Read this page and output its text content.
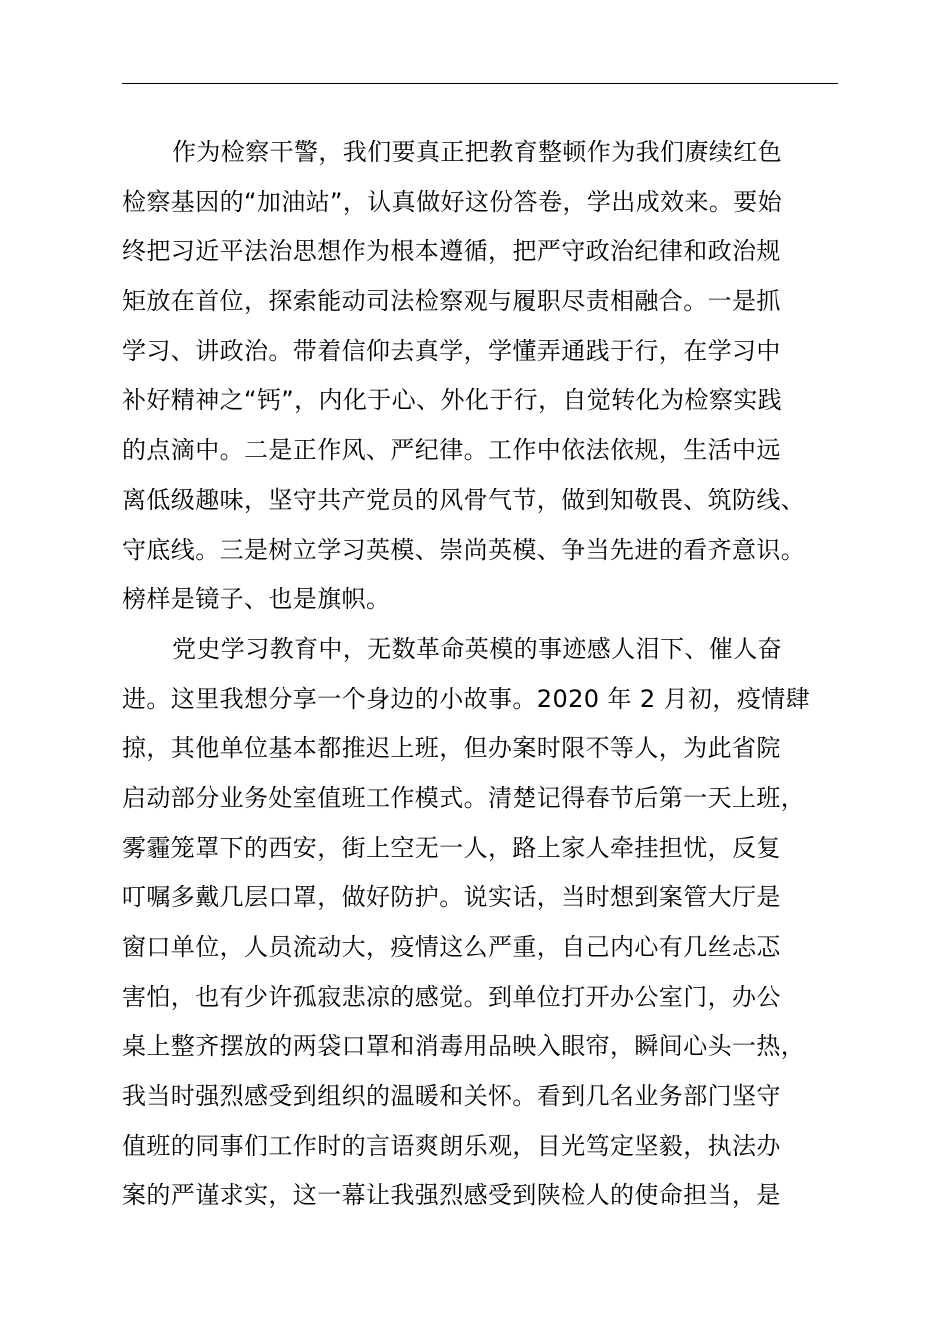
作为检察干警，我们要真正把教育整顿作为我们赓续红色
检察基因的“加油站”，认真做好这份答卷，学出成效来。要始
终把习近平法治思想作为根本遵循，把严守政治纪律和政治规
矩放在首位，探索能动司法检察观与履职尽责相融合。一是抓
学习、讲政治。带着信仰去真学，学懂弄通践于行，在学习中
补好精神之“钙”，内化于心、外化于行，自觉转化为检察实践
的点滴中。二是正作风、严纪律。工作中依法依规，生活中远
离低级趣味，坚守共产党员的风骨气节，做到知敬畏、筑防线、
守底线。三是树立学习英模、崇尚英模、争当先进的看齐意识。
榜样是镜子、也是旗帜。
党史学习教育中，无数革命英模的事迹感人泪下、催人奋
进。这里我想分享一个身边的小故事。2020 年 2 月初，疫情肆
掠，其他单位基本都推迟上班，但办案时限不等人，为此省院
启动部分业务处室值班工作模式。清楚记得春节后第一天上班，
雾霾笼罩下的西安，街上空无一人，路上家人牵挂担忧，反复
叮嘱多戴几层口罩，做好防护。说实话，当时想到案管大厅是
窗口单位，人员流动大，疫情这么严重，自己内心有几丝忐忑
害怕，也有少许孤寂悲凉的感觉。到单位打开办公室门，办公
桌上整齐摆放的两袋口罩和消毒用品映入眼帘，瞬间心头一热，
我当时强烈感受到组织的温暖和关怀。看到几名业务部门坚守
值班的同事们工作时的言语爽朗乐观，目光笃定坚毅，执法办
案的严谨求实，这一幕让我强烈感受到陕检人的使命担当，是
